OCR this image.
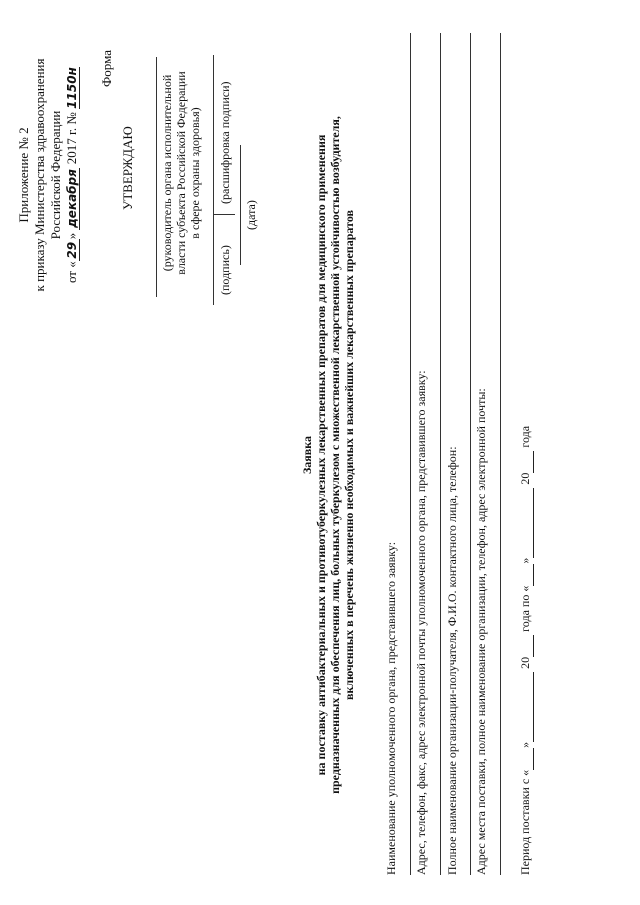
Приложение № 2 к приказу Министерства здравоохранения Российской Федерации
от «29» декабря 2017 г. № 1150н Форма
УТВЕРЖДАЮ (руководитель органа исполнительной власти субъекта Российской Федерации в сфере охраны здоровья)
(подпись)
(расшифровка подписи)
(дата)
Заявка на поставку антибактериальных и противотуберкулезных лекарственных препаратов для медицинского применения предназначенных для обеспечения лиц, больных туберкулезом с множественной лекарственной устойчивостью возбудителя, включенных в перечень жизненно необходимых и важнейших лекарственных препаратов
Наименование уполномоченного органа, представившего заявку: Адрес, телефон, факс, адрес электронной почты уполномоченного органа, представившего заявку: Полное наименование организации-получателя, Ф.И.О. контактного лица, телефон: Адрес места поставки, полное наименование организации, телефон, адрес электронной почты:	Период поставки с « »  20  года по « »  20  года
